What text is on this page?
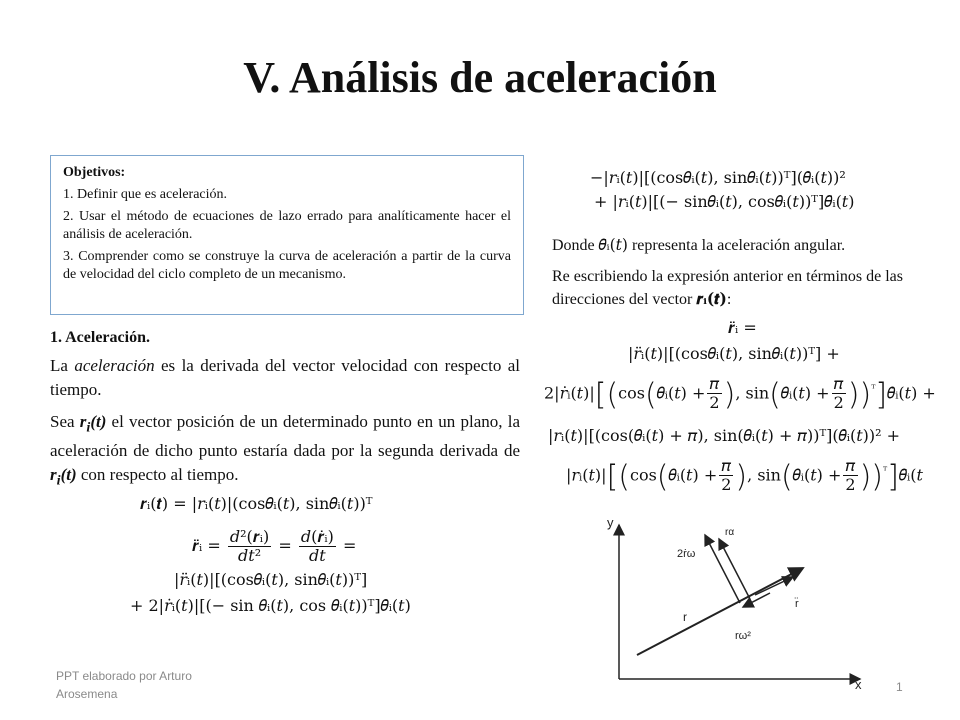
V. Análisis de aceleración

Objetivos:

1. Definir que es aceleración.

2. Usar el método de ecuaciones de lazo errado para analíticamente hacer el análisis de aceleración.

3. Comprender como se construye la curva de aceleración a partir de la curva de velocidad del ciclo completo de un mecanismo.

1. Aceleración.
La aceleración es la derivada del vector velocidad con respecto al tiempo.
Sea $r_i(t)$ el vector posición de un determinado punto en un plano, la aceleración de dicho punto estaría dada por la segunda derivada de $r_i(t)$ con respecto al tiempo.
𝒓ᵢ(𝒕) = |𝑟ᵢ(𝑡)|(cos𝜃ᵢ(𝑡), sin𝜃ᵢ(𝑡))ᵀ
𝒓̈ᵢ = $\frac{\text{𝑑²(𝒓ᵢ)}}{\text{𝑑𝑡²}} = \frac{\text{𝑑(𝒓̇ᵢ)}}{\text{𝑑𝑡}}$ =
|𝑟̈ᵢ(𝑡)|[(cos𝜃ᵢ(𝑡), sin𝜃ᵢ(𝑡))ᵀ]
+ 2|𝑟̇ᵢ(𝑡)|[(− sin 𝜃ᵢ(𝑡), cos 𝜃ᵢ(𝑡))ᵀ]𝜃̇ᵢ(𝑡)
−|𝑟ᵢ(𝑡)|[(cos𝜃ᵢ(𝑡), sin𝜃ᵢ(𝑡))ᵀ](𝜃̇ᵢ(𝑡))²
+ |𝑟ᵢ(𝑡)|[(− sin𝜃ᵢ(𝑡), cos𝜃ᵢ(𝑡))ᵀ]𝜃̈ᵢ(𝑡)
Donde 𝜃̈ᵢ(𝑡) representa la aceleración angular.
Re escribiendo la expresión anterior en términos de las direcciones del vector 𝒓ᵢ(𝒕):
𝒓̈ᵢ =
|𝑟̈ᵢ(𝑡)|[(cos𝜃ᵢ(𝑡), sin𝜃ᵢ(𝑡))ᵀ] +
2|𝑟̇ᵢ(𝑡)|[(cos(𝜃ᵢ(𝑡) + $\frac{\text{𝜋}}{2}$ ), sin(𝜃ᵢ(𝑡) + $\frac{\text{𝜋}}{2}$ ))$^ᵀ$]𝜃̇ᵢ(𝑡) +
|𝑟ᵢ(𝑡)|[(cos(𝜃ᵢ(𝑡) + 𝜋), sin(𝜃ᵢ(𝑡) + 𝜋))ᵀ](𝜃̇ᵢ(𝑡))² +
|𝑟ᵢ(𝑡)|[(cos(𝜃ᵢ(𝑡) + $\frac{\text{𝜋}}{2}$ ), sin(𝜃ᵢ(𝑡) + $\frac{\text{𝜋}}{2}$ ))$^ᵀ$]𝜃̈ᵢ(𝑡
y
x
r
rα
2ṙω
r̈
rω²
PPT elaborado por Arturo Arosemena	1
